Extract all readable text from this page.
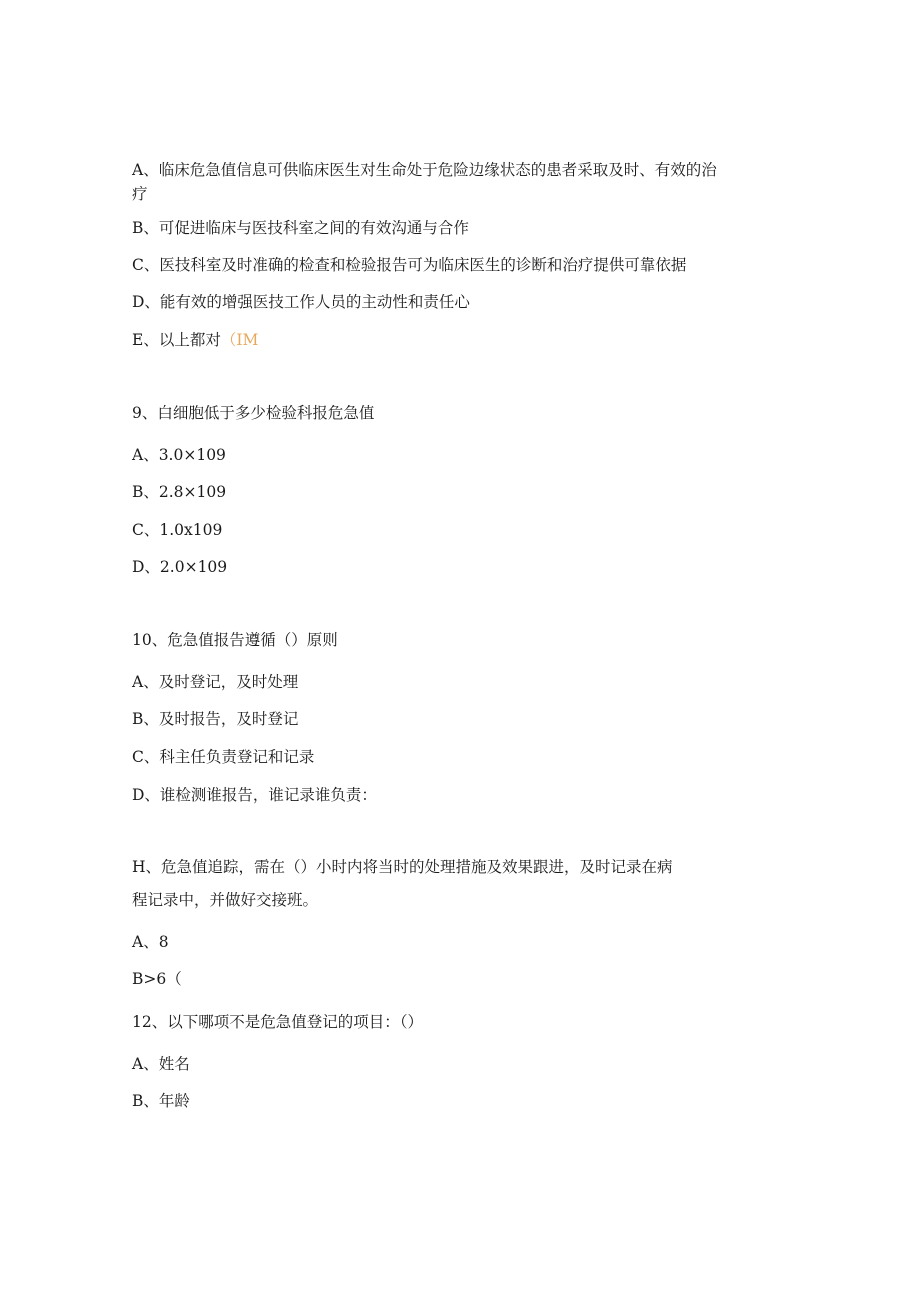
A、临床危急值信息可供临床医生对生命处于危险边缘状态的患者采取及时、有效的治

疗

B、可促进临床与医技科室之间的有效沟通与合作

C、医技科室及时准确的检查和检验报告可为临床医生的诊断和治疗提供可靠依据

D、能有效的增强医技工作人员的主动性和责任心

E、以上都对（IM

9、白细胞低于多少检验科报危急值

A、3.0×109

B、2.8×109

C、1.0x109

D、2.0×109

10、危急值报告遵循（）原则

A、及时登记，及时处理

B、及时报告，及时登记

C、科主任负责登记和记录

D、谁检测谁报告，谁记录谁负责：

H、危急值追踪，需在（）小时内将当时的处理措施及效果跟进，及时记录在病

程记录中，并做好交接班。

A、8

B>6（

12、以下哪项不是危急值登记的项目：（）

A、姓名

B、年龄
